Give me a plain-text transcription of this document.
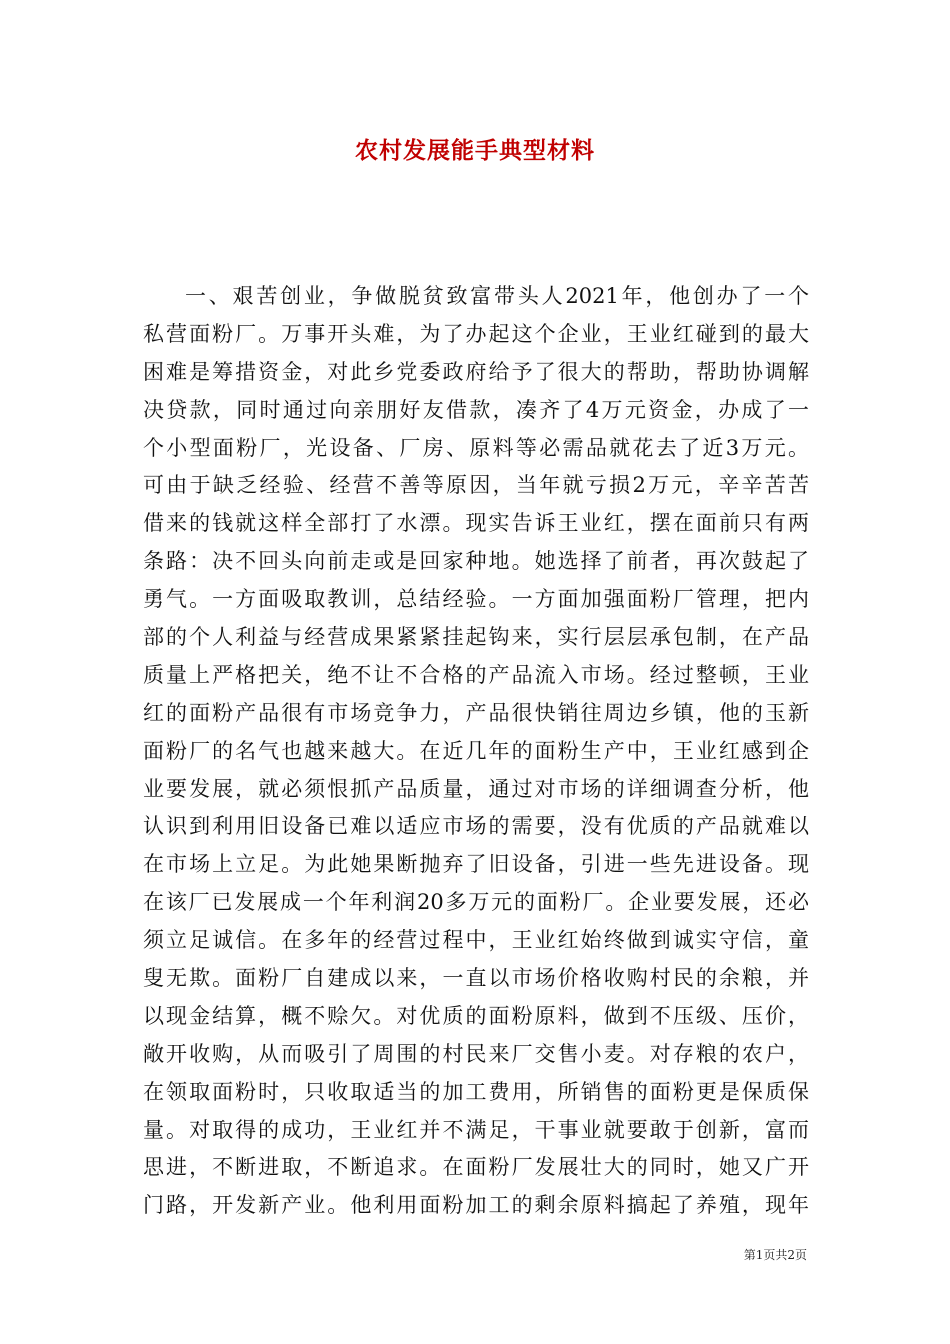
农村发展能手典型材料
一、艰苦创业，争做脱贫致富带头人2021年，他创办了一个
私营面粉厂。万事开头难，为了办起这个企业，王业红碰到的最大
困难是筹措资金，对此乡党委政府给予了很大的帮助，帮助协调解
决贷款，同时通过向亲朋好友借款，凑齐了4万元资金，办成了一
个小型面粉厂，光设备、厂房、原料等必需品就花去了近3万元。
可由于缺乏经验、经营不善等原因，当年就亏损2万元，辛辛苦苦
借来的钱就这样全部打了水漂。现实告诉王业红，摆在面前只有两
条路：决不回头向前走或是回家种地。她选择了前者，再次鼓起了
勇气。一方面吸取教训，总结经验。一方面加强面粉厂管理，把内
部的个人利益与经营成果紧紧挂起钩来，实行层层承包制，在产品
质量上严格把关，绝不让不合格的产品流入市场。经过整顿，王业
红的面粉产品很有市场竞争力，产品很快销往周边乡镇，他的玉新
面粉厂的名气也越来越大。在近几年的面粉生产中，王业红感到企
业要发展，就必须恨抓产品质量，通过对市场的详细调查分析，他
认识到利用旧设备已难以适应市场的需要，没有优质的产品就难以
在市场上立足。为此她果断抛弃了旧设备，引进一些先进设备。现
在该厂已发展成一个年利润20多万元的面粉厂。企业要发展，还必
须立足诚信。在多年的经营过程中，王业红始终做到诚实守信，童
叟无欺。面粉厂自建成以来，一直以市场价格收购村民的余粮，并
以现金结算，概不赊欠。对优质的面粉原料，做到不压级、压价，
敞开收购，从而吸引了周围的村民来厂交售小麦。对存粮的农户，
在领取面粉时，只收取适当的加工费用，所销售的面粉更是保质保
量。对取得的成功，王业红并不满足，干事业就要敢于创新，富而
思进，不断进取，不断追求。在面粉厂发展壮大的同时，她又广开
门路，开发新产业。他利用面粉加工的剩余原料搞起了养殖，现年
第1页共2页
